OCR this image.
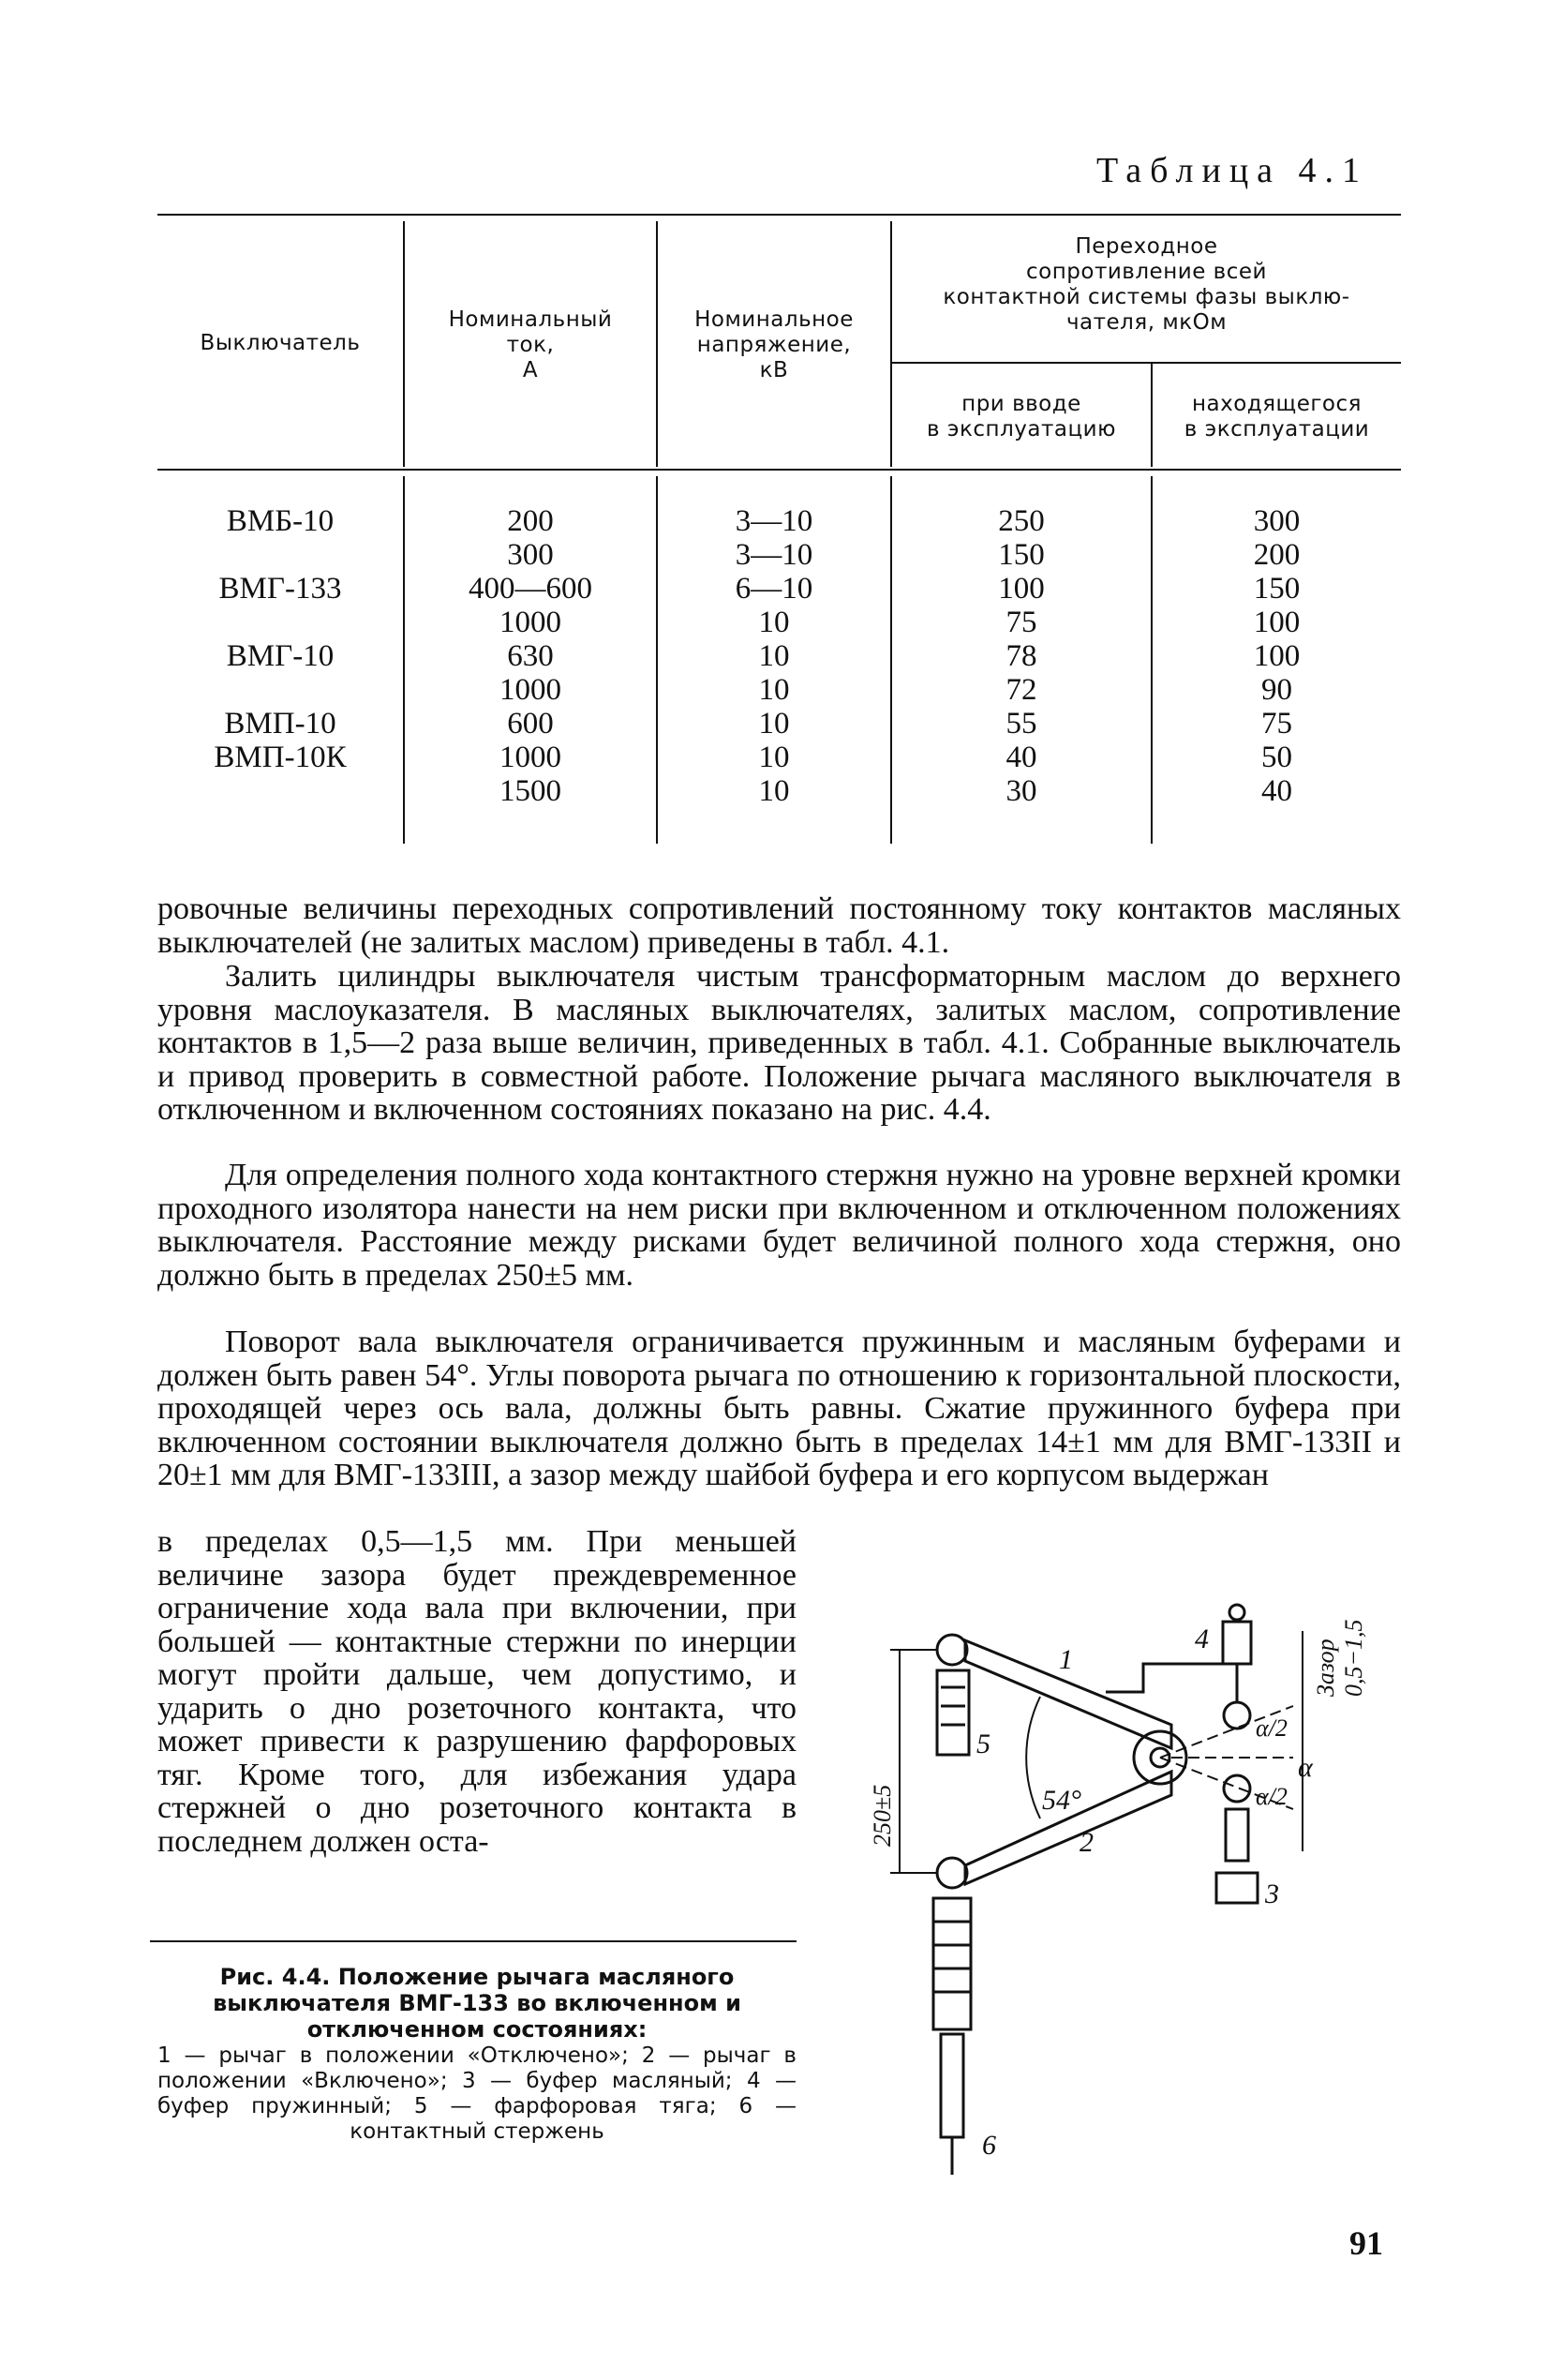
Таблица 4.1
Выключатель
Номинальный
ток,
А
Номинальное
напряжение,
кВ
Переходное
сопротивление всей
контактной системы фазы выклю-
чателя, мкОм
при вводе
в эксплуатацию
находящегося
в эксплуатации
ВМБ-10
ВМГ-133
ВМГ-10
ВМП-10
ВМП-10К
200
300
400—600
1000
630
1000
600
1000
1500
3—10
3—10
6—10
10
10
10
10
10
10
250
150
100
75
78
72
55
40
30
300
200
150
100
100
90
75
50
40

ровочные величины переходных сопротивлений постоянному току контактов масляных выключателей (не залитых маслом) приведены в табл. 4.1.

Залить цилиндры выключателя чистым трансформаторным маслом до верхнего уровня маслоуказателя. В масляных выключателях, залитых маслом, сопротивление контактов в 1,5—2 раза выше величин, приведенных в табл. 4.1. Собранные выключатель и привод проверить в совместной работе. Положение рычага масляного выключателя в отключенном и включенном состояниях показано на рис. 4.4.

Для определения полного хода контактного стержня нужно на уровне верхней кромки проходного изолятора нанести на нем риски при включенном и отключенном положениях выключателя. Расстояние между рисками будет величиной полного хода стержня, оно должно быть в пределах 250±5 мм.

Поворот вала выключателя ограничивается пружинным и масляным буферами и должен быть равен 54°. Углы поворота рычага по отношению к горизонтальной плоскости, проходящей через ось вала, должны быть равны. Сжатие пружинного буфера при включенном состоянии выключателя должно быть в пределах 14±1 мм для ВМГ-133II и 20±1 мм для ВМГ-133III, а зазор между шайбой буфера и его корпусом выдержан

в пределах 0,5—1,5 мм. При меньшей величине зазора будет преждевременное ограничение хода вала при включении, при большей — контактные стержни по инерции могут пройти дальше, чем допустимо, и ударить о дно розеточного контакта, что может привести к разрушению фарфоровых тяг. Кроме того, для избежания удара стержней о дно розеточного контакта в последнем должен оста-

Рис. 4.4. Положение рычага масляного выключателя ВМГ-133 во включенном и отключенном состояниях:
1 — рычаг в положении «Отключено»; 2 — рычаг в положении «Включено»; 3 — буфер масляный; 4 — буфер пружинный; 5 — фарфоровая тяга; 6 — контактный стержень
4
1
5
54°
2
3
6
α
α/2
α/2
250±5
Зазор 0,5−1,5
91
